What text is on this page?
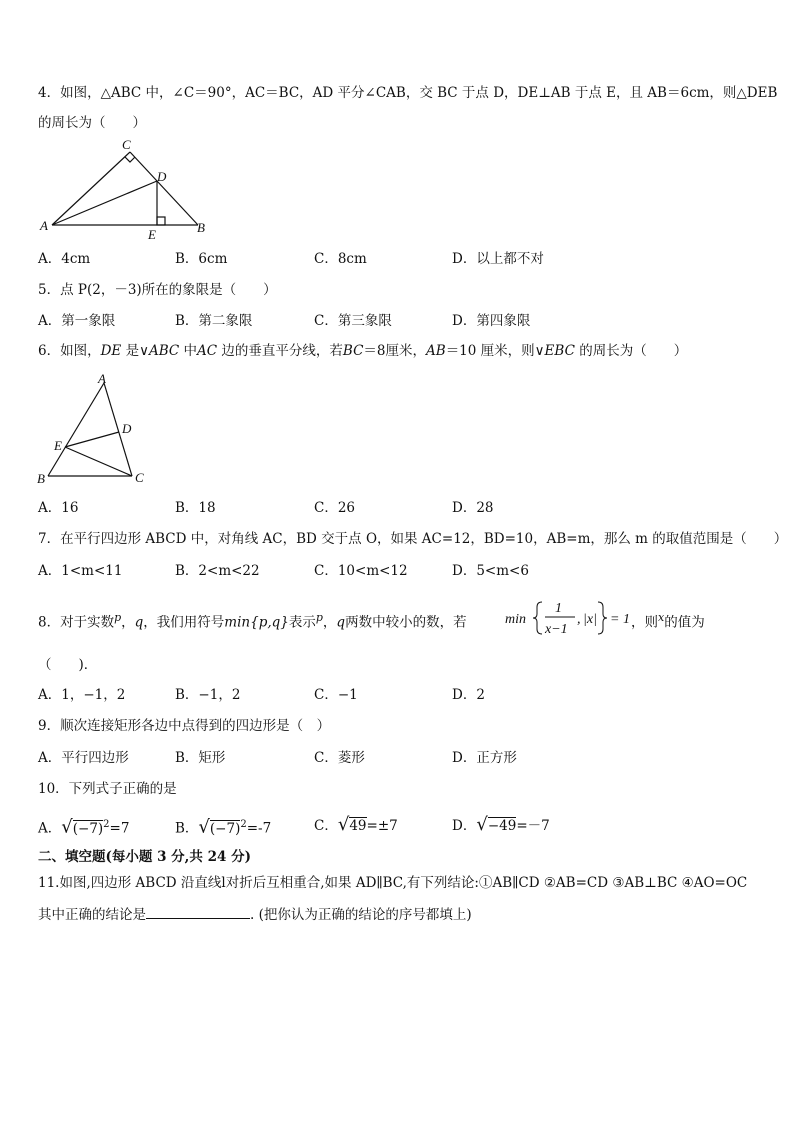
4．如图，△ABC 中，∠C＝90°，AC＝BC，AD 平分∠CAB，交 BC 于点 D，DE⊥AB 于点 E，且 AB＝6cm，则△DEB
的周长为（　　）
C
D
A	B
E
A．4cm	B．6cm	C．8cm	D．以上都不对
5．点 P(2，－3)所在的象限是（　　）
A．第一象限	B．第二象限	C．第三象限	D．第四象限
6．如图，DE 是∨ABC 中AC 边的垂直平分线，若BC＝8厘米，AB＝10 厘米，则∨EBC 的周长为（　　）
A
D
E
B	C
A．16	B．18	C．26	D．28
7．在平行四边形 ABCD 中，对角线 AC，BD 交于点 O，如果 AC=12，BD=10，AB=m，那么 m 的取值范围是（　　）
A．1<m<11	B．2<m<22	C．10<m<12	D．5<m<6
8．对于实数$^p$，q，我们用符号min{p,q}表示$^p$，q两数中较小的数，若	min
1
x−1
, |x| = 1 ，则$^x$的值为
（　　)．
A．1，−1，2	B．−1，2	C．−1	D．2
9．顺次连接矩形各边中点得到的四边形是（　）
A．平行四边形	B．矩形	C．菱形	D．正方形
10．下列式子正确的是
A．$√(-7)^2=7$	B．$√(-7)^2=-7$	C．√49=±7	D．√−49=－7
二、填空题(每小题 3 分,共 24 分)
11.如图,四边形 ABCD 沿直线l对折后互相重合,如果 AD∥BC,有下列结论:①AB∥CD ②AB=CD ③AB⊥BC ④AO=OC
其中正确的结论是	. (把你认为正确的结论的序号都填上)
